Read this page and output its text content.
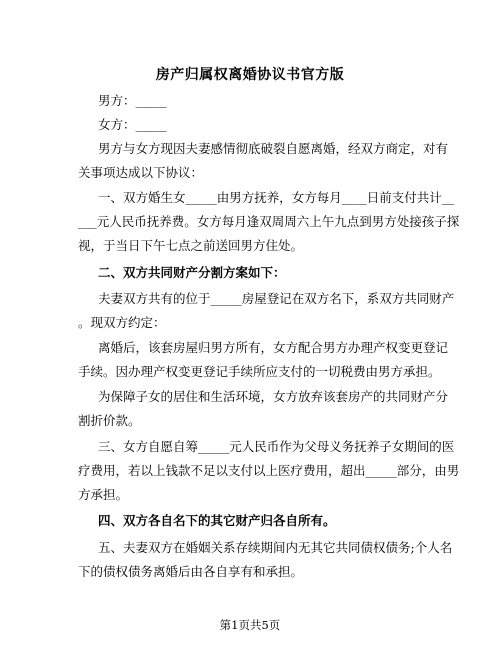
房产归属权离婚协议书官方版
男方：_____
女方：_____
男方与女方现因夫妻感情彻底破裂自愿离婚，经双方商定，对有
关事项达成以下协议：
一、双方婚生女_____由男方抚养，女方每月____日前支付共计__
___元人民币抚养费。女方每月逢双周周六上午九点到男方处接孩子探
视，于当日下午七点之前送回男方住处。
二、双方共同财产分割方案如下：
夫妻双方共有的位于_____房屋登记在双方名下，系双方共同财产
。现双方约定：
离婚后，该套房屋归男方所有，女方配合男方办理产权变更登记
手续。因办理产权变更登记手续所应支付的一切税费由男方承担。
为保障子女的居住和生活环境，女方放弃该套房产的共同财产分
割折价款。
三、女方自愿自筹_____元人民币作为父母义务抚养子女期间的医
疗费用，若以上钱款不足以支付以上医疗费用，超出_____部分，由男
方承担。
四、双方各自名下的其它财产归各自所有。
五、夫妻双方在婚姻关系存续期间内无其它共同债权债务;个人名
下的债权债务离婚后由各自享有和承担。
第1页共5页
